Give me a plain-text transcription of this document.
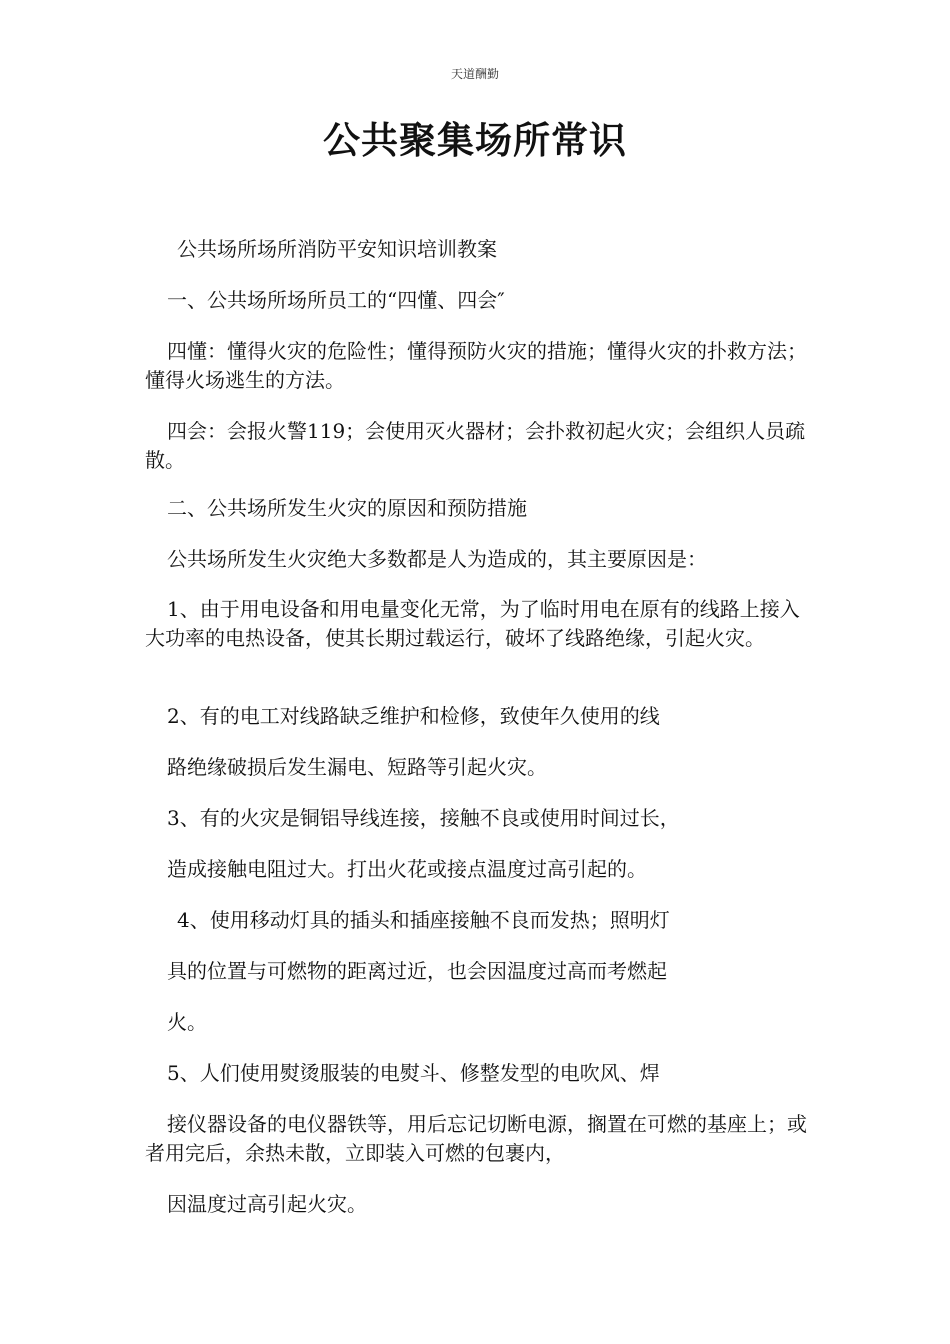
天道酬勤
公共聚集场所常识

公共场所场所消防平安知识培训教案

一、公共场所场所员工的“四懂、四会″

四懂：懂得火灾的危险性；懂得预防火灾的措施；懂得火灾的扑救方法；懂得火场逃生的方法。

四会：会报火警119；会使用灭火器材；会扑救初起火灾；会组织人员疏散。

二、公共场所发生火灾的原因和预防措施

公共场所发生火灾绝大多数都是人为造成的，其主要原因是：

1、由于用电设备和用电量变化无常，为了临时用电在原有的线路上接入大功率的电热设备，使其长期过载运行，破坏了线路绝缘，引起火灾。

2、有的电工对线路缺乏维护和检修，致使年久使用的线

路绝缘破损后发生漏电、短路等引起火灾。

3、有的火灾是铜铝导线连接，接触不良或使用时间过长，

造成接触电阻过大。打出火花或接点温度过高引起的。

4、使用移动灯具的插头和插座接触不良而发热；照明灯

具的位置与可燃物的距离过近，也会因温度过高而考燃起

火。

5、人们使用熨烫服装的电熨斗、修整发型的电吹风、焊

接仪器设备的电仪器铁等，用后忘记切断电源，搁置在可燃的基座上；或者用完后，余热未散，立即装入可燃的包裹内，

因温度过高引起火灾。
